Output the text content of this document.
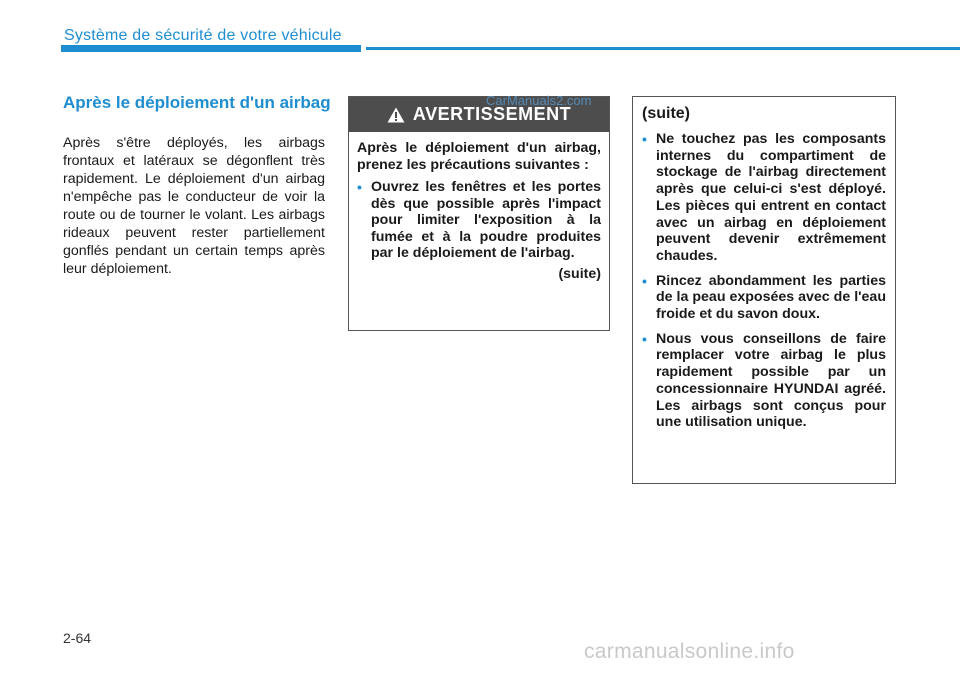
Système de sécurité de votre véhicule
Après le déploiement d'un airbag
Après s'être déployés, les airbags frontaux et latéraux se dégonflent très rapidement. Le déploiement d'un airbag n'empêche pas le conducteur de voir la route ou de tourner le volant. Les airbags rideaux peuvent rester partiellement gonflés pendant un certain temps après leur déploiement.
AVERTISSEMENT
Après le déploiement d'un airbag, prenez les précautions suivantes :
• Ouvrez les fenêtres et les portes dès que possible après l'impact pour limiter l'exposition à la fumée et à la poudre produites par le déploiement de l'airbag.
(suite)
(suite)
• Ne touchez pas les composants internes du compartiment de stockage de l'airbag directement après que celui-ci s'est déployé. Les pièces qui entrent en contact avec un airbag en déploiement peuvent devenir extrêmement chaudes.
• Rincez abondamment les parties de la peau exposées avec de l'eau froide et du savon doux.
• Nous vous conseillons de faire remplacer votre airbag le plus rapidement possible par un concessionnaire HYUNDAI agréé. Les airbags sont conçus pour une utilisation unique.
CarManuals2.com
2-64
carmanualsonline.info
